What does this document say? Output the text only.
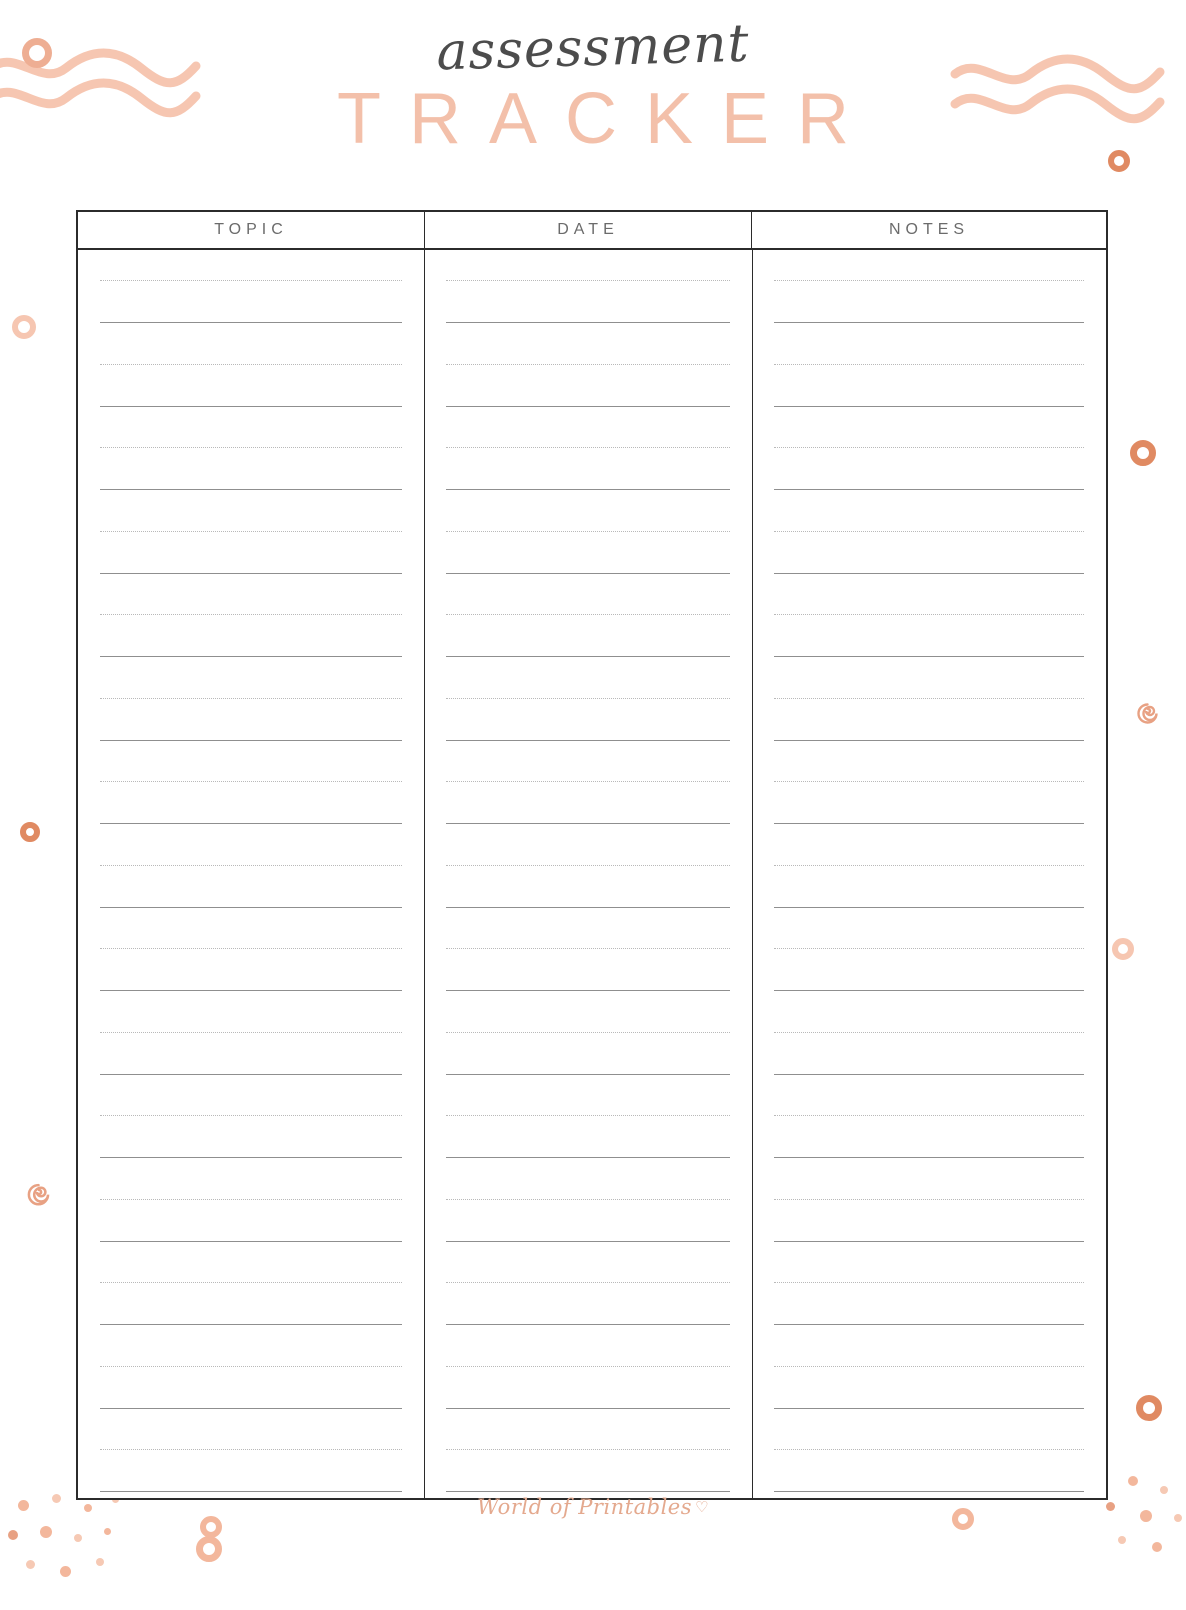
assessment
TRACKER
TOPIC	DATE	NOTES
World of Printables ♡
